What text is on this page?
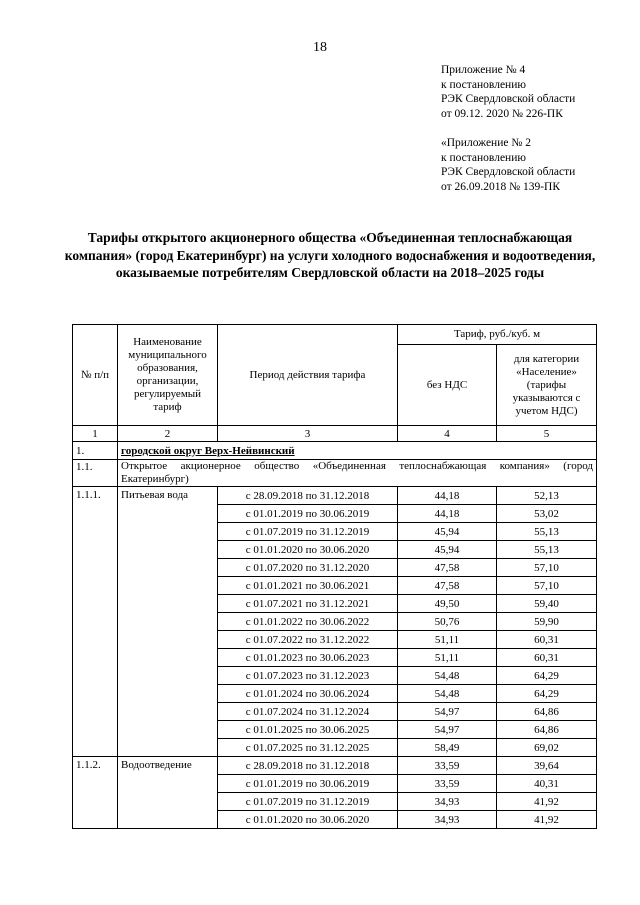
18
Приложение № 4
к постановлению
РЭК Свердловской области
от 09.12. 2020 № 226-ПК
«Приложение № 2
к постановлению
РЭК Свердловской области
от 26.09.2018 № 139-ПК
Тарифы открытого акционерного общества «Объединенная теплоснабжающая компания» (город Екатеринбург) на услуги холодного водоснабжения и водоотведения, оказываемые потребителям Свердловской области на 2018–2025 годы
№ п/п	Наименование муниципального образования, организации, регулируемый тариф	Период действия тарифа	Тариф, руб./куб. м	
			без НДС	для категории «Население» (тарифы указываются с учетом НДС)
1	2	3	4	5
1.	городской округ Верх-Нейвинский			
1.1.	Открытое акционерное общество «Объединенная теплоснабжающая компания» (город Екатеринбург)			
1.1.1.	Питьевая вода	с 28.09.2018 по 31.12.2018	44,18	52,13
		с 01.01.2019 по 30.06.2019	44,18	53,02
		с 01.07.2019 по 31.12.2019	45,94	55,13
		с 01.01.2020 по 30.06.2020	45,94	55,13
		с 01.07.2020 по 31.12.2020	47,58	57,10
		с 01.01.2021 по 30.06.2021	47,58	57,10
		с 01.07.2021 по 31.12.2021	49,50	59,40
		с 01.01.2022 по 30.06.2022	50,76	59,90
		с 01.07.2022 по 31.12.2022	51,11	60,31
		с 01.01.2023 по 30.06.2023	51,11	60,31
		с 01.07.2023 по 31.12.2023	54,48	64,29
		с 01.01.2024 по 30.06.2024	54,48	64,29
		с 01.07.2024 по 31.12.2024	54,97	64,86
		с 01.01.2025 по 30.06.2025	54,97	64,86
		с 01.07.2025 по 31.12.2025	58,49	69,02
1.1.2.	Водоотведение	с 28.09.2018 по 31.12.2018	33,59	39,64
		с 01.01.2019 по 30.06.2019	33,59	40,31
		с 01.07.2019 по 31.12.2019	34,93	41,92
		с 01.01.2020 по 30.06.2020	34,93	41,92
